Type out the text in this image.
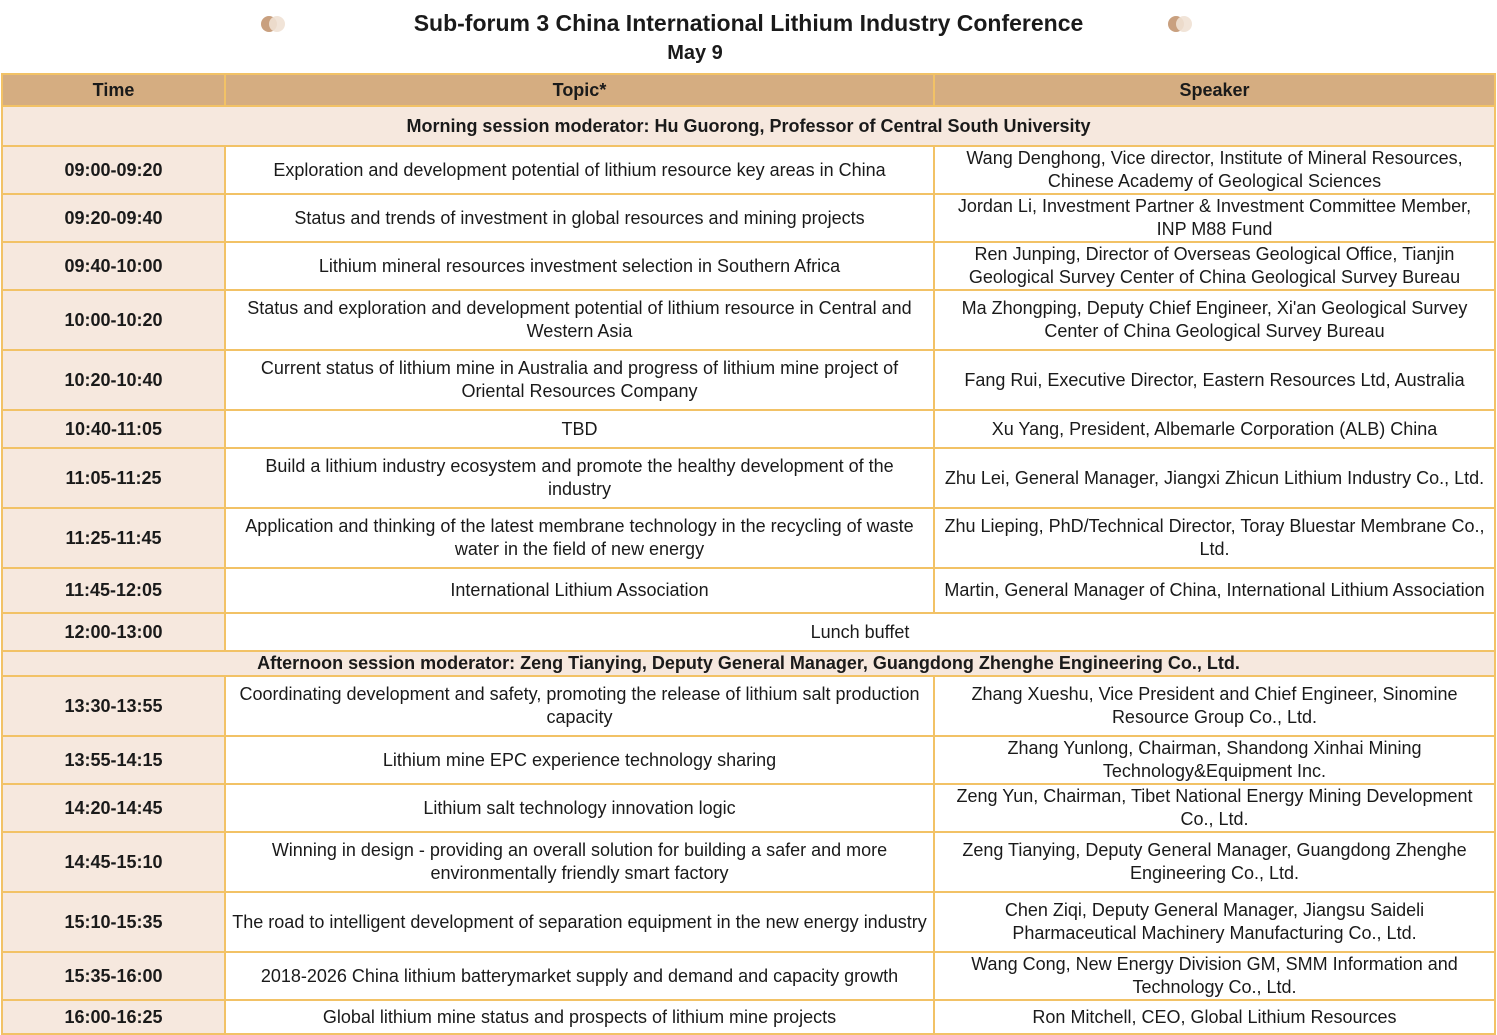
Sub-forum 3 China International Lithium Industry Conference
May 9
Time	Topic*	Speaker
Morning session moderator: Hu Guorong, Professor of Central South University		
09:00-09:20	Exploration and development potential of lithium resource key areas in China	Wang Denghong, Vice director, Institute of Mineral Resources, Chinese Academy of Geological Sciences
09:20-09:40	Status and trends of investment in global resources and mining projects	Jordan Li, Investment Partner & Investment Committee Member, INP M88 Fund
09:40-10:00	Lithium mineral resources investment selection in Southern Africa	Ren Junping, Director of Overseas Geological Office, Tianjin Geological Survey Center of China Geological Survey Bureau
10:00-10:20	Status and exploration and development potential of lithium resource in Central and Western Asia	Ma Zhongping, Deputy Chief Engineer, Xi'an Geological Survey Center of China Geological Survey Bureau
10:20-10:40	Current status of lithium mine in Australia and progress of lithium mine project of Oriental Resources Company	Fang Rui, Executive Director, Eastern Resources Ltd, Australia
10:40-11:05	TBD	Xu Yang, President, Albemarle Corporation (ALB) China
11:05-11:25	Build a lithium industry ecosystem and promote the healthy development of the industry	Zhu Lei, General Manager, Jiangxi Zhicun Lithium Industry Co., Ltd.
11:25-11:45	Application and thinking of the latest membrane technology in the recycling of waste water in the field of new energy	Zhu Lieping, PhD/Technical Director, Toray Bluestar Membrane Co., Ltd.
11:45-12:05	International Lithium Association	Martin, General Manager of China, International Lithium Association
12:00-13:00	Lunch buffet	
Afternoon session moderator: Zeng Tianying, Deputy General Manager, Guangdong Zhenghe Engineering Co., Ltd.		
13:30-13:55	Coordinating development and safety, promoting the release of lithium salt production capacity	Zhang Xueshu, Vice President and Chief Engineer, Sinomine Resource Group Co., Ltd.
13:55-14:15	Lithium mine EPC experience technology sharing	Zhang Yunlong, Chairman, Shandong Xinhai Mining Technology&Equipment Inc.
14:20-14:45	Lithium salt technology innovation logic	Zeng Yun, Chairman, Tibet National Energy Mining Development Co., Ltd.
14:45-15:10	Winning in design - providing an overall solution for building a safer and more environmentally friendly smart factory	Zeng Tianying, Deputy General Manager, Guangdong Zhenghe Engineering Co., Ltd.
15:10-15:35	The road to intelligent development of separation equipment in the new energy industry	Chen Ziqi, Deputy General Manager, Jiangsu Saideli Pharmaceutical Machinery Manufacturing Co., Ltd.
15:35-16:00	2018-2026 China lithium batterymarket supply and demand and capacity growth	Wang Cong, New Energy Division GM, SMM Information and Technology Co., Ltd.
16:00-16:25	Global lithium mine status and prospects of lithium mine projects	Ron Mitchell, CEO, Global Lithium Resources
